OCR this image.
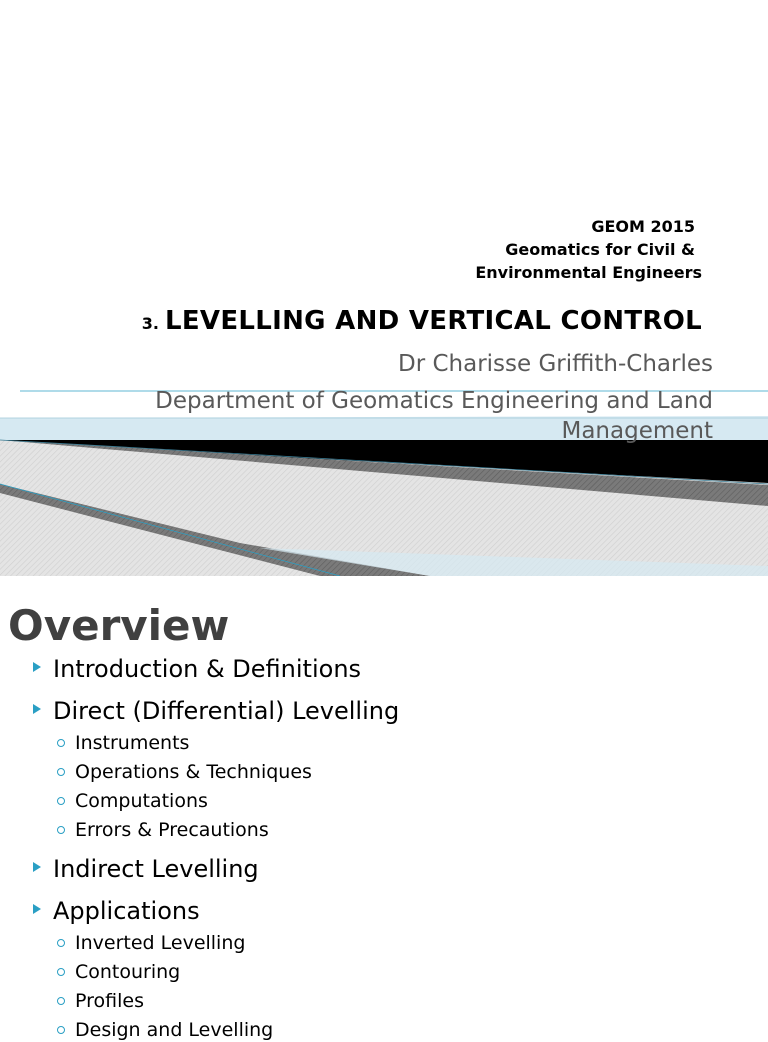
GEOM 2015
Geomatics for Civil &
Environmental Engineers
3. LEVELLING AND VERTICAL CONTROL
Dr Charisse Griffith-Charles
Department of Geomatics Engineering and Land Management
Overview
Introduction & Definitions
Direct (Differential) Levelling
Instruments
Operations & Techniques
Computations
Errors & Precautions
Indirect Levelling
Applications
Inverted Levelling
Contouring
Profiles
Design and Levelling
